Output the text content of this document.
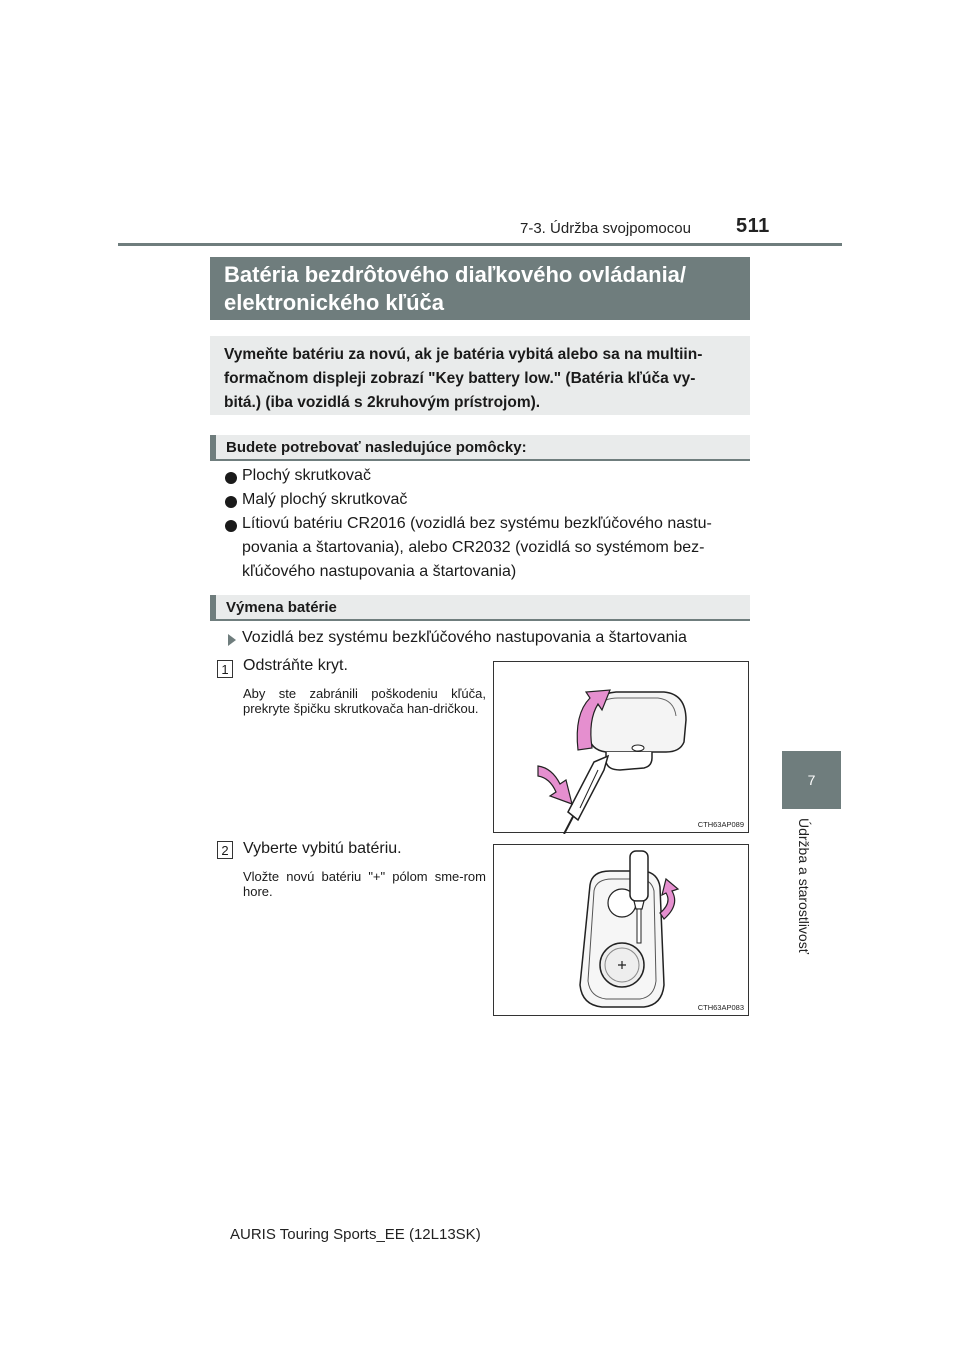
7-3. Údržba svojpomocou 511
7
Údržba a starostlivosť
Batéria bezdrôtového diaľkového ovládania/
elektronického kľúča
Vymeňte batériu za novú, ak je batéria vybitá alebo sa na multiin-
formačnom displeji zobrazí "Key battery low." (Batéria kľúča vy-
bitá.) (iba vozidlá s 2kruhovým prístrojom).
Budete potrebovať nasledujúce pomôcky:
Plochý skrutkovač
Malý plochý skrutkovač
Lítiovú batériu CR2016 (vozidlá bez systému bezkľúčového nastu-
povania a štartovania), alebo CR2032 (vozidlá so systémom bez-
kľúčového nastupovania a štartovania)
Výmena batérie
Vozidlá bez systému bezkľúčového nastupovania a štartovania
1 Odstráňte kryt.
Aby ste zabránili poškodeniu kľúča, prekryte špičku skrutkovača han-dričkou.
CTH63AP089
2 Vyberte vybitú batériu.
Vložte novú batériu "+" pólom sme-rom hore.
CTH63AP083
AURIS Touring Sports_EE (12L13SK)
